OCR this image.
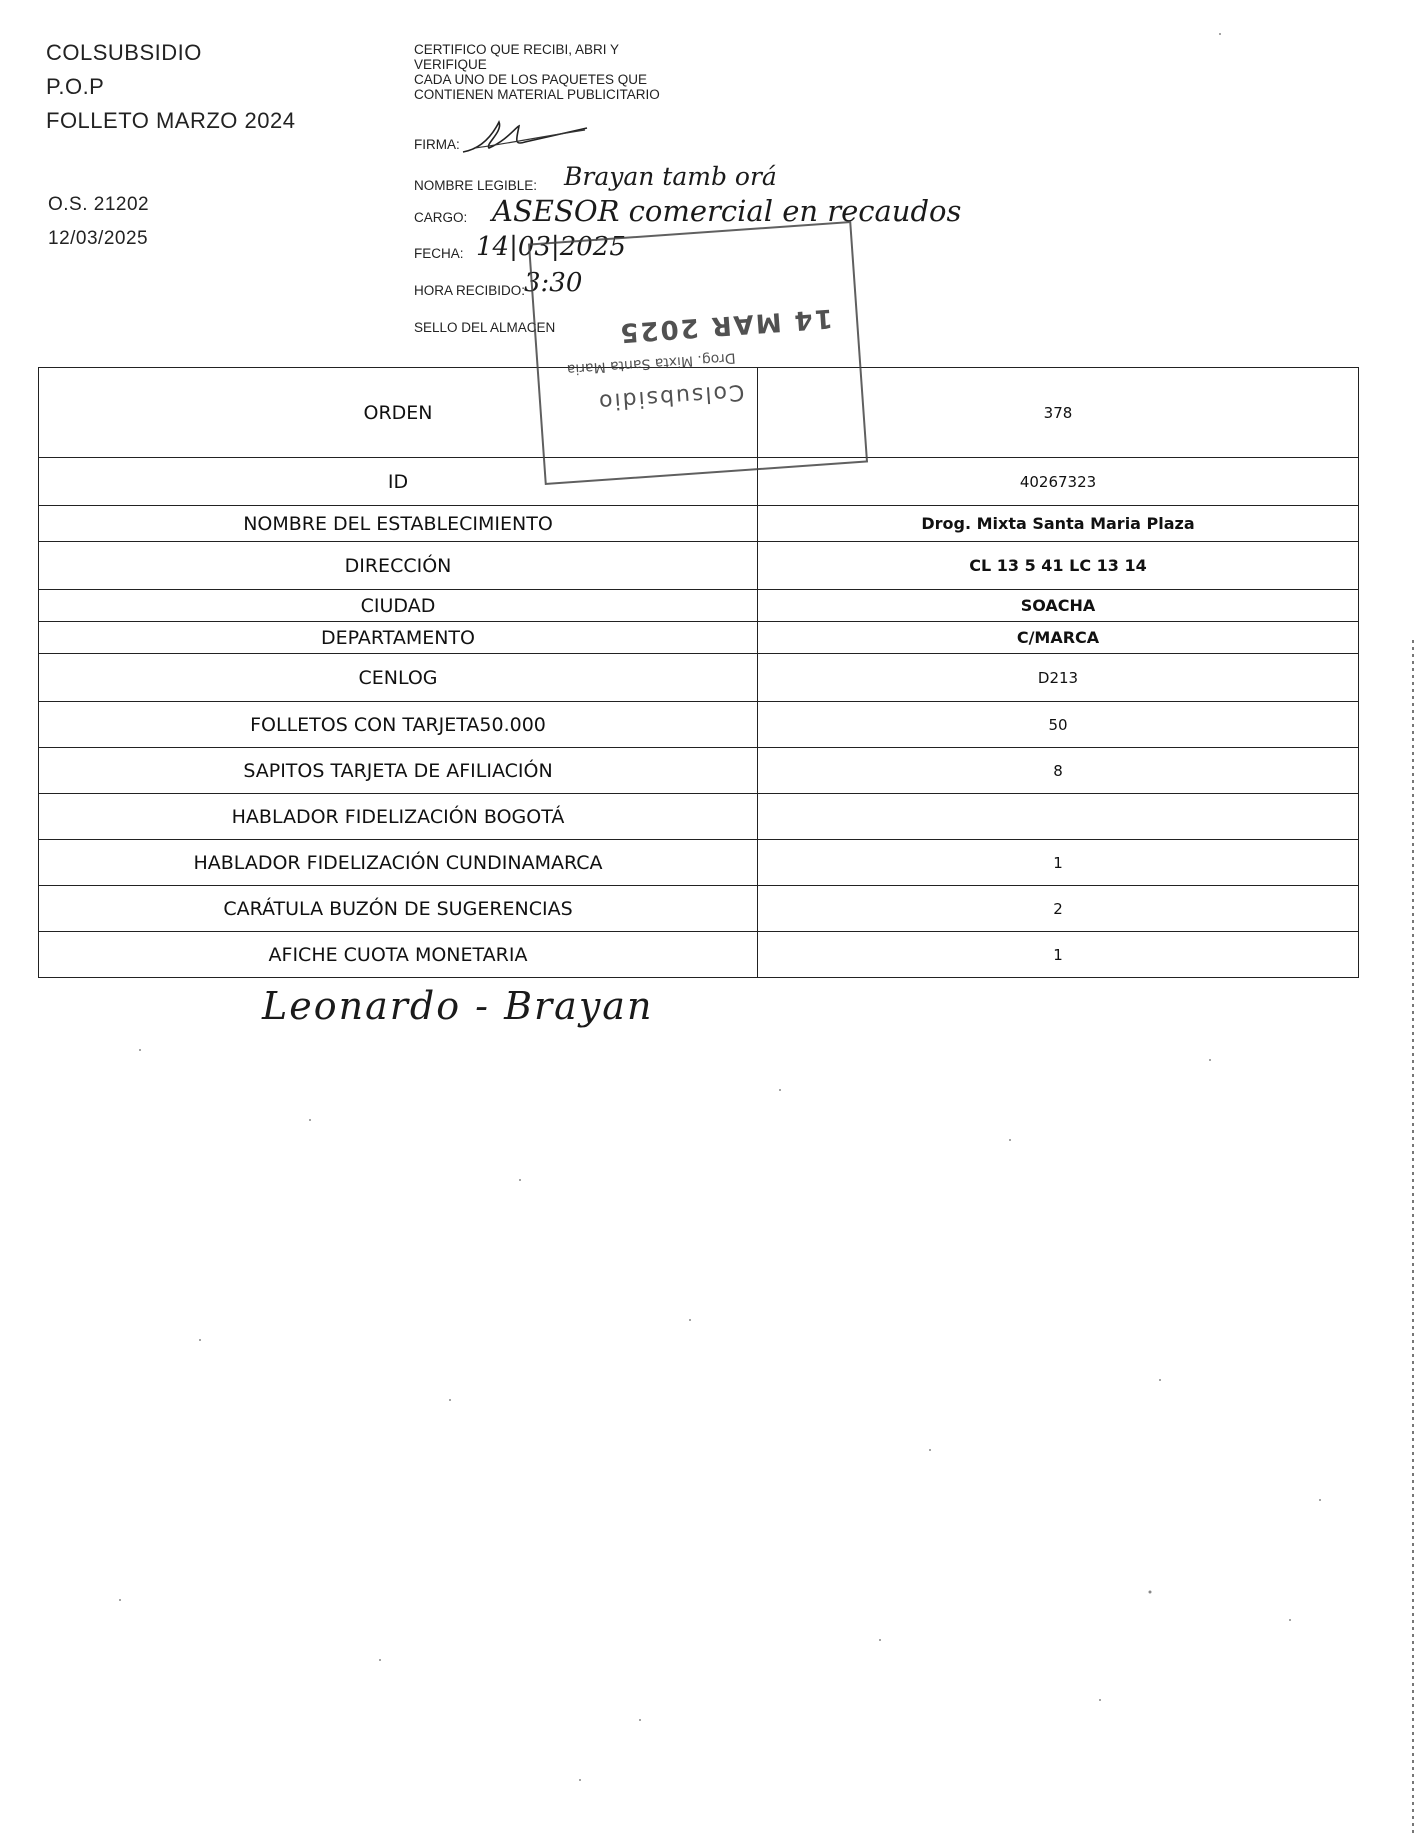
COLSUBSIDIO
P.O.P
FOLLETO MARZO 2024
O.S. 21202
12/03/2025
CERTIFICO QUE RECIBI, ABRI Y
VERIFIQUE
CADA UNO DE LOS PAQUETES QUE
CONTIENEN MATERIAL PUBLICITARIO
FIRMA:
NOMBRE LEGIBLE: Brayan tamb orá
CARGO: ASESOR comercial en recaudos
FECHA: 14|03|2025
HORA RECIBIDO:
3:30
SELLO DEL ALMACEN
ORDEN	378
ID	40267323
NOMBRE DEL ESTABLECIMIENTO	Drog. Mixta Santa Maria Plaza
DIRECCIÓN	CL 13 5 41 LC 13 14
CIUDAD	SOACHA
DEPARTAMENTO	C/MARCA
CENLOG	D213
FOLLETOS CON TARJETA50.000	50
SAPITOS TARJETA DE AFILIACIÓN	8
HABLADOR FIDELIZACIÓN BOGOTÁ	
HABLADOR FIDELIZACIÓN CUNDINAMARCA	1
CARÁTULA BUZÓN DE SUGERENCIAS	2
AFICHE CUOTA MONETARIA	1
14 MAR 2025
Colsubsidio
Drog. Mixta Santa Maria
Leonardo - Brayan
